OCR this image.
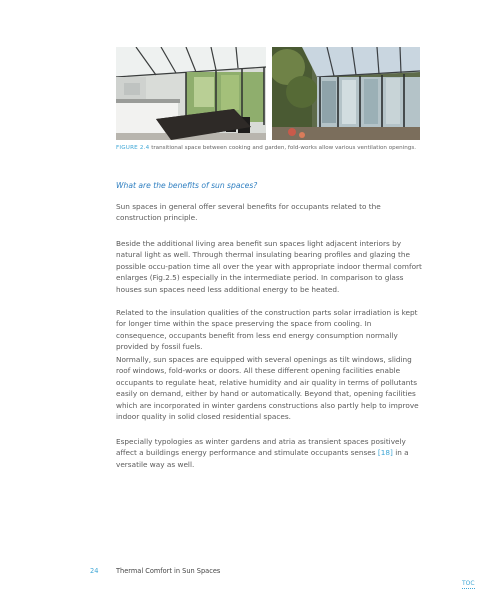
FIGURE 2.4 transitional space between cooking and garden, fold-works allow various ventilation openings.
What are the benefits of sun spaces?

Sun spaces in general offer several benefits for occupants related to the construction principle.

Beside the additional living area benefit sun spaces light adjacent interiors by natural light as well. Through thermal insulating bearing profiles and glazing the possible occu-pation time all over the year with appropriate indoor thermal comfort enlarges (Fig.2.5) especially in the intermediate period. In comparison to glass houses sun spaces need less additional energy to be heated.

Related to the insulation qualities of the construction parts solar irradiation is kept for longer time within the space preserving the space from cooling. In consequence, occupants benefit from less end energy consumption normally provided by fossil fuels.

Normally, sun spaces are equipped with several openings as tilt windows, sliding roof windows, fold-works or doors. All these different opening facilities enable occupants to regulate heat, relative humidity and air quality in terms of pollutants easily on demand, either by hand or automatically. Beyond that, opening facilities which are incorporated in winter gardens constructions also partly help to improve indoor quality in solid closed residential spaces.

Especially typologies as winter gardens and atria as transient spaces positively affect a buildings energy performance and stimulate occupants senses [18] in a versatile way as well.

24	Thermal Comfort in Sun Spaces
TOC
